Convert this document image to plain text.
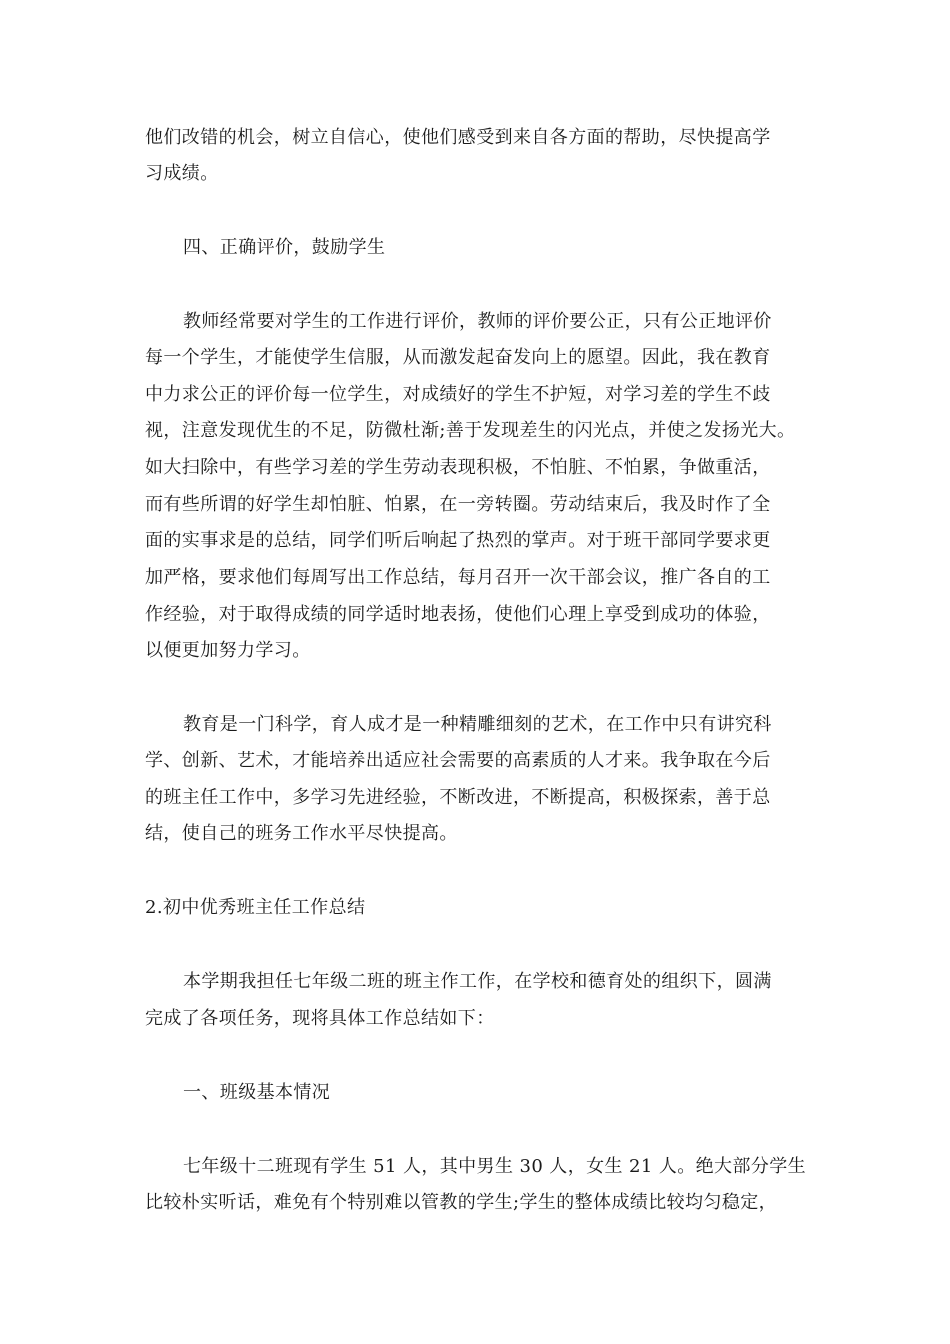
他们改错的机会，树立自信心，使他们感受到来自各方面的帮助，尽快提高学
习成绩。
四、正确评价，鼓励学生
教师经常要对学生的工作进行评价，教师的评价要公正，只有公正地评价
每一个学生，才能使学生信服，从而激发起奋发向上的愿望。因此，我在教育
中力求公正的评价每一位学生，对成绩好的学生不护短，对学习差的学生不歧
视，注意发现优生的不足，防微杜渐;善于发现差生的闪光点，并使之发扬光大。
如大扫除中，有些学习差的学生劳动表现积极，不怕脏、不怕累，争做重活，
而有些所谓的好学生却怕脏、怕累，在一旁转圈。劳动结束后，我及时作了全
面的实事求是的总结，同学们听后响起了热烈的掌声。对于班干部同学要求更
加严格，要求他们每周写出工作总结，每月召开一次干部会议，推广各自的工
作经验，对于取得成绩的同学适时地表扬，使他们心理上享受到成功的体验，
以便更加努力学习。
教育是一门科学，育人成才是一种精雕细刻的艺术，在工作中只有讲究科
学、创新、艺术，才能培养出适应社会需要的高素质的人才来。我争取在今后
的班主任工作中，多学习先进经验，不断改进，不断提高，积极探索，善于总
结，使自己的班务工作水平尽快提高。
2.初中优秀班主任工作总结
本学期我担任七年级二班的班主作工作，在学校和德育处的组织下，圆满
完成了各项任务，现将具体工作总结如下：
一、班级基本情况
七年级十二班现有学生 51 人，其中男生 30 人，女生 21 人。绝大部分学生
比较朴实听话，难免有个特别难以管教的学生;学生的整体成绩比较均匀稳定，
